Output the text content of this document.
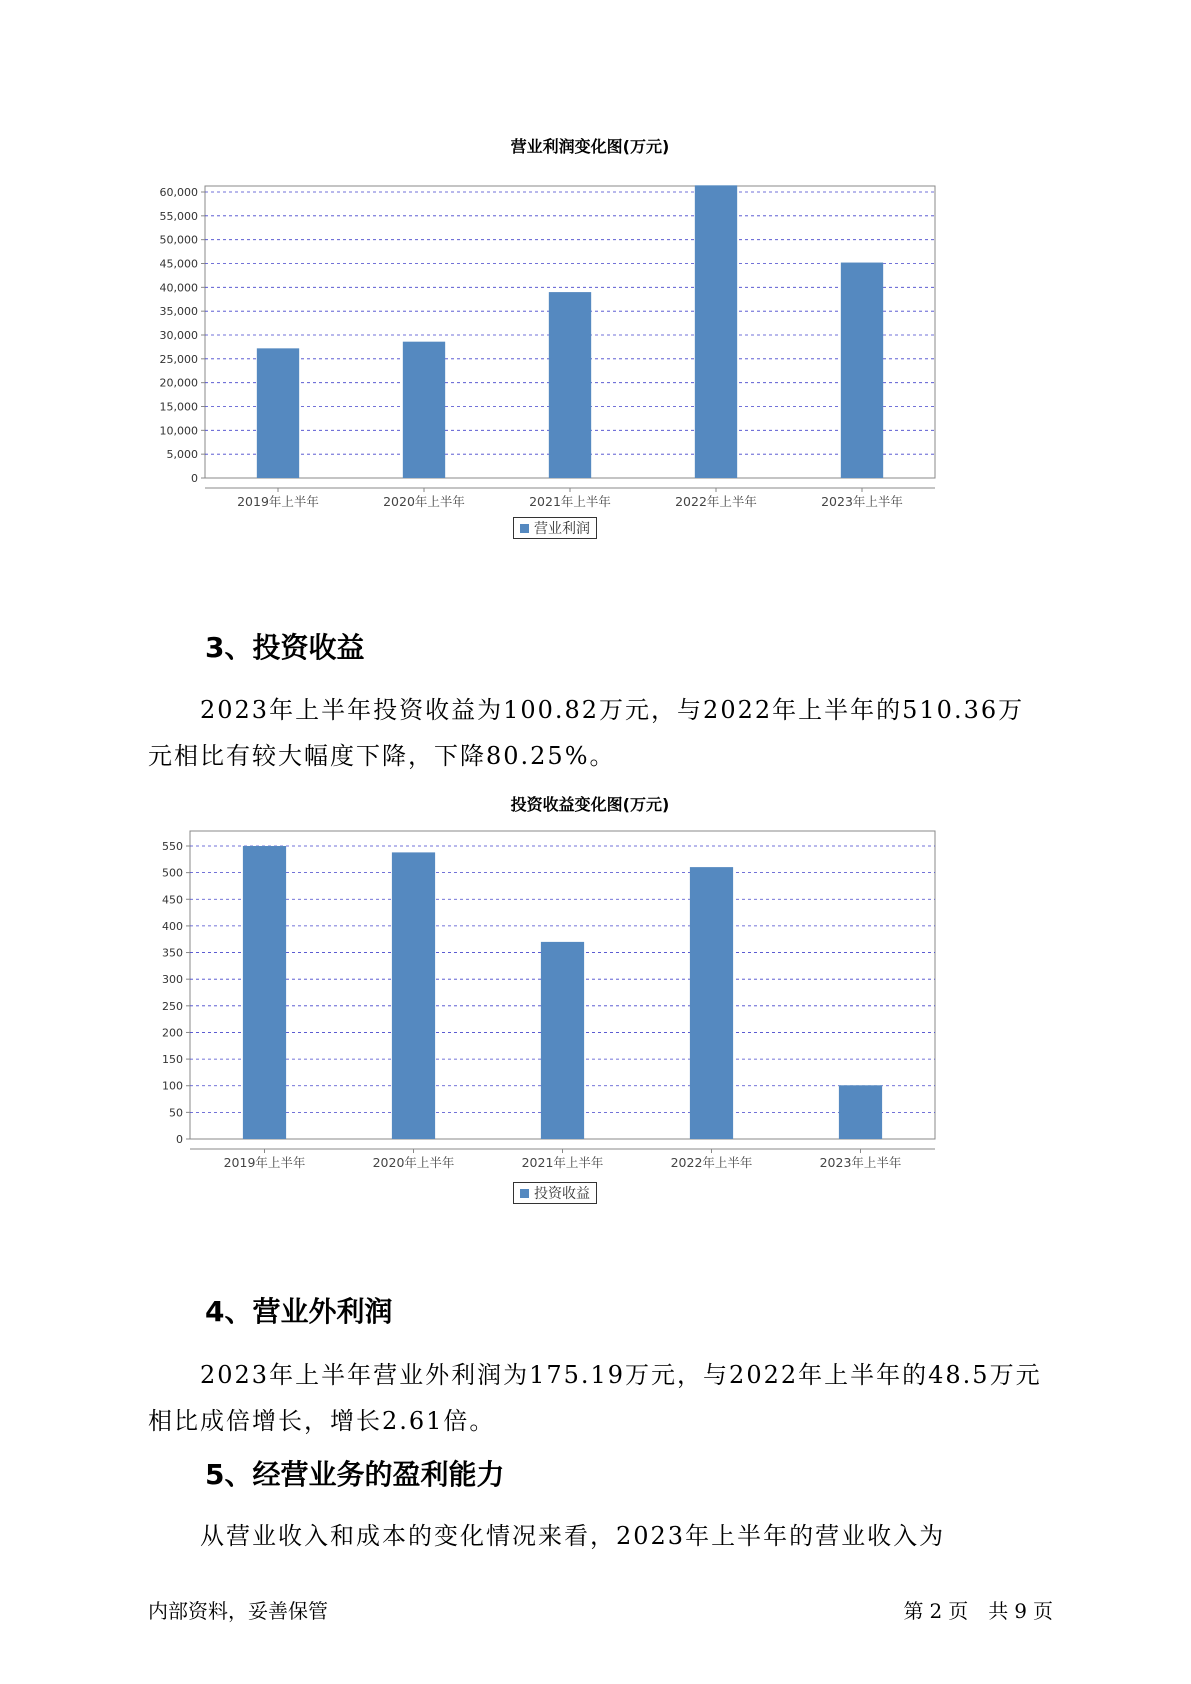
营业利润变化图(万元)
0
5,000
10,000
15,000
20,000
25,000
30,000
35,000
40,000
45,000
50,000
55,000
60,000
2019年上半年	2020年上半年	2021年上半年	2022年上半年	2023年上半年
营业利润
3、投资收益

2023年上半年投资收益为100.82万元，与2022年上半年的510.36万元相比有较大幅度下降，下降80.25%。

投资收益变化图(万元)
0
50
100
150
200
250
300
350
400
450
500
550
2019年上半年	2020年上半年	2021年上半年	2022年上半年	2023年上半年
投资收益
4、营业外利润

2023年上半年营业外利润为175.19万元，与2022年上半年的48.5万元相比成倍增长，增长2.61倍。

5、经营业务的盈利能力

从营业收入和成本的变化情况来看，2023年上半年的营业收入为

内部资料，妥善保管	第 2 页　共 9 页
